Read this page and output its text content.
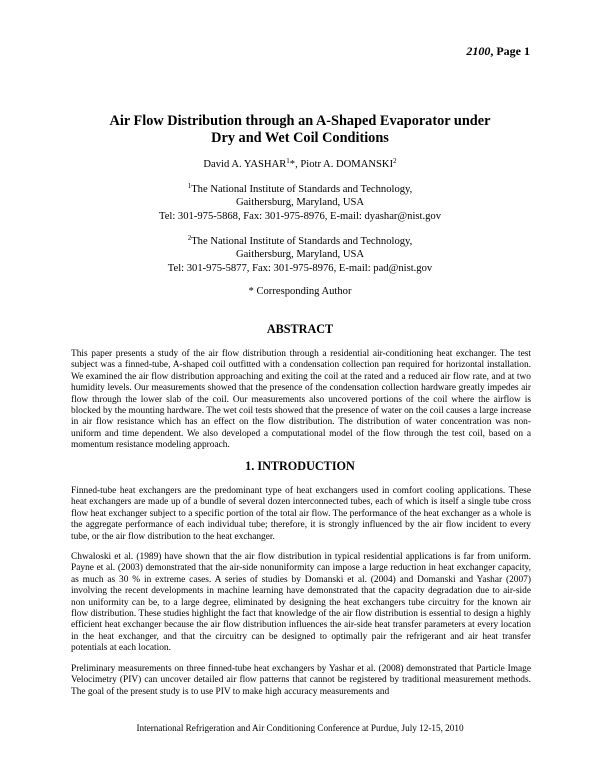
2100, Page 1
Air Flow Distribution through an A-Shaped Evaporator under Dry and Wet Coil Conditions
David A. YASHAR$^1$*, Piotr A. DOMANSKI$^2$
$^1$The National Institute of Standards and Technology,
Gaithersburg, Maryland, USA
Tel: 301-975-5868, Fax: 301-975-8976, E-mail: dyashar@nist.gov
$^2$The National Institute of Standards and Technology,
Gaithersburg, Maryland, USA
Tel: 301-975-5877, Fax: 301-975-8976, E-mail: pad@nist.gov
* Corresponding Author
ABSTRACT
This paper presents a study of the air flow distribution through a residential air-conditioning heat exchanger. The test subject was a finned-tube, A-shaped coil outfitted with a condensation collection pan required for horizontal installation. We examined the air flow distribution approaching and exiting the coil at the rated and a reduced air flow rate, and at two humidity levels. Our measurements showed that the presence of the condensation collection hardware greatly impedes air flow through the lower slab of the coil. Our measurements also uncovered portions of the coil where the airflow is blocked by the mounting hardware. The wet coil tests showed that the presence of water on the coil causes a large increase in air flow resistance which has an effect on the flow distribution. The distribution of water concentration was non-uniform and time dependent. We also developed a computational model of the flow through the test coil, based on a momentum resistance modeling approach.
1. INTRODUCTION

Finned-tube heat exchangers are the predominant type of heat exchangers used in comfort cooling applications. These heat exchangers are made up of a bundle of several dozen interconnected tubes, each of which is itself a single tube cross flow heat exchanger subject to a specific portion of the total air flow. The performance of the heat exchanger as a whole is the aggregate performance of each individual tube; therefore, it is strongly influenced by the air flow incident to every tube, or the air flow distribution to the heat exchanger.

Chwaloski et al. (1989) have shown that the air flow distribution in typical residential applications is far from uniform. Payne et al. (2003) demonstrated that the air-side nonuniformity can impose a large reduction in heat exchanger capacity, as much as 30 % in extreme cases. A series of studies by Domanski et al. (2004) and Domanski and Yashar (2007) involving the recent developments in machine learning have demonstrated that the capacity degradation due to air-side non uniformity can be, to a large degree, eliminated by designing the heat exchangers tube circuitry for the known air flow distribution. These studies highlight the fact that knowledge of the air flow distribution is essential to design a highly efficient heat exchanger because the air flow distribution influences the air-side heat transfer parameters at every location in the heat exchanger, and that the circuitry can be designed to optimally pair the refrigerant and air heat transfer potentials at each location.

Preliminary measurements on three finned-tube heat exchangers by Yashar et al. (2008) demonstrated that Particle Image Velocimetry (PIV) can uncover detailed air flow patterns that cannot be registered by traditional measurement methods. The goal of the present study is to use PIV to make high accuracy measurements and

International Refrigeration and Air Conditioning Conference at Purdue, July 12-15, 2010
